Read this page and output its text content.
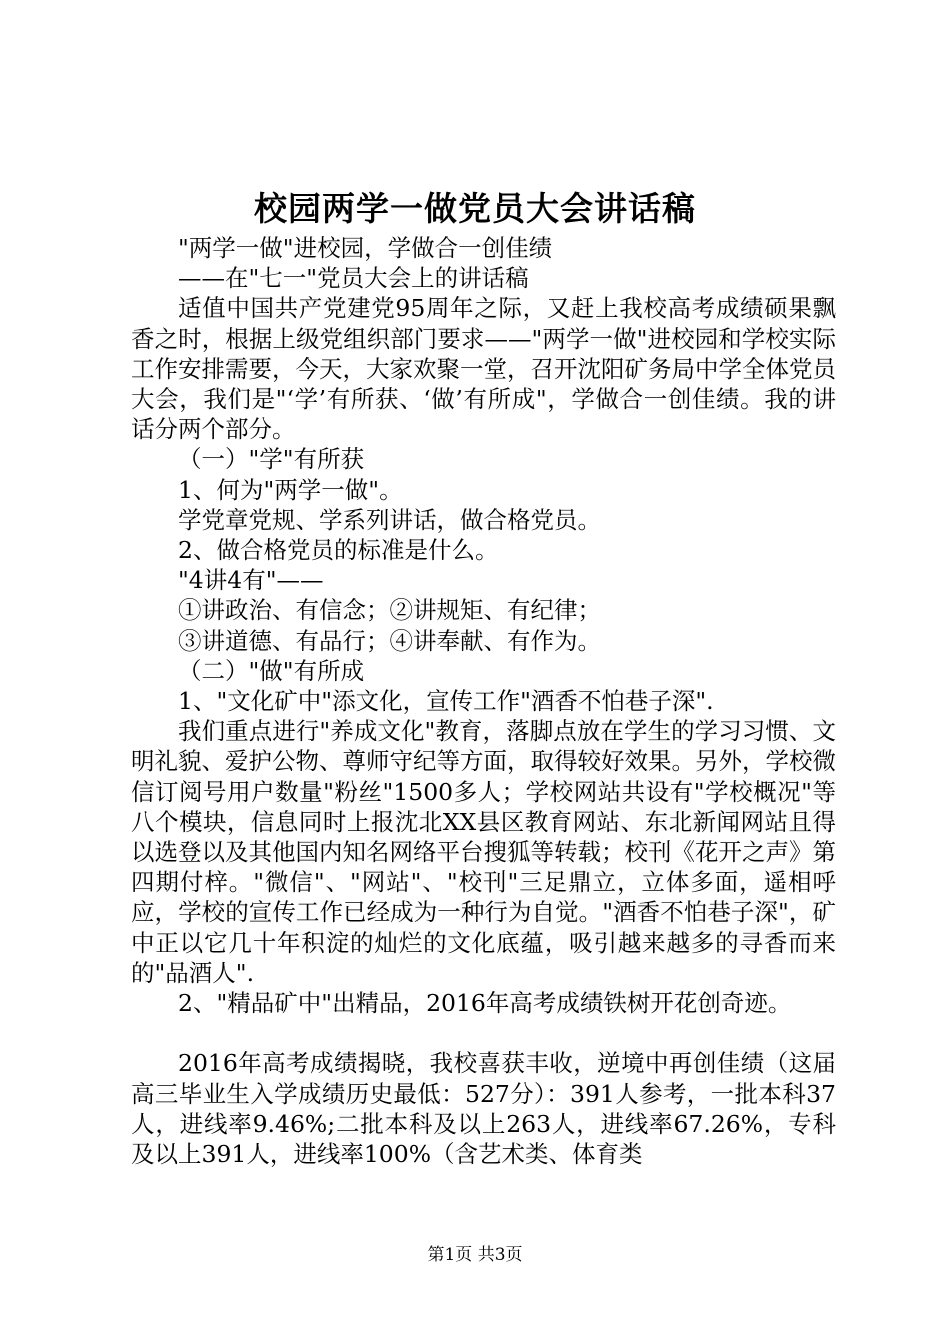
校园两学一做党员大会讲话稿

"两学一做"进校园，学做合一创佳绩

——在"七一"党员大会上的讲话稿

适值中国共产党建党95周年之际，又赶上我校高考成绩硕果飘香之时，根据上级党组织部门要求——"两学一做"进校园和学校实际工作安排需要，今天，大家欢聚一堂，召开沈阳矿务局中学全体党员大会，我们是"‘学’有所获、‘做’有所成"，学做合一创佳绩。我的讲话分两个部分。

（一）"学"有所获

1、何为"两学一做"。

学党章党规、学系列讲话，做合格党员。

2、做合格党员的标准是什么。

"4讲4有"——

①讲政治、有信念；②讲规矩、有纪律；

③讲道德、有品行；④讲奉献、有作为。

（二）"做"有所成

1、"文化矿中"添文化，宣传工作"酒香不怕巷子深".

我们重点进行"养成文化"教育，落脚点放在学生的学习习惯、文明礼貌、爱护公物、尊师守纪等方面，取得较好效果。另外，学校微信订阅号用户数量"粉丝"1500多人；学校网站共设有"学校概况"等八个模块，信息同时上报沈北XX县区教育网站、东北新闻网站且得以选登以及其他国内知名网络平台搜狐等转载；校刊《花开之声》第四期付梓。"微信"、"网站"、"校刊"三足鼎立，立体多面，遥相呼应，学校的宣传工作已经成为一种行为自觉。"酒香不怕巷子深"，矿中正以它几十年积淀的灿烂的文化底蕴，吸引越来越多的寻香而来的"品酒人".

2、"精品矿中"出精品，2016年高考成绩铁树开花创奇迹。

2016年高考成绩揭晓，我校喜获丰收，逆境中再创佳绩（这届高三毕业生入学成绩历史最低：527分）：391人参考，一批本科37人，进线率9.46%;二批本科及以上263人，进线率67.26%，专科及以上391人，进线率100%（含艺术类、体育类

第1页 共3页
